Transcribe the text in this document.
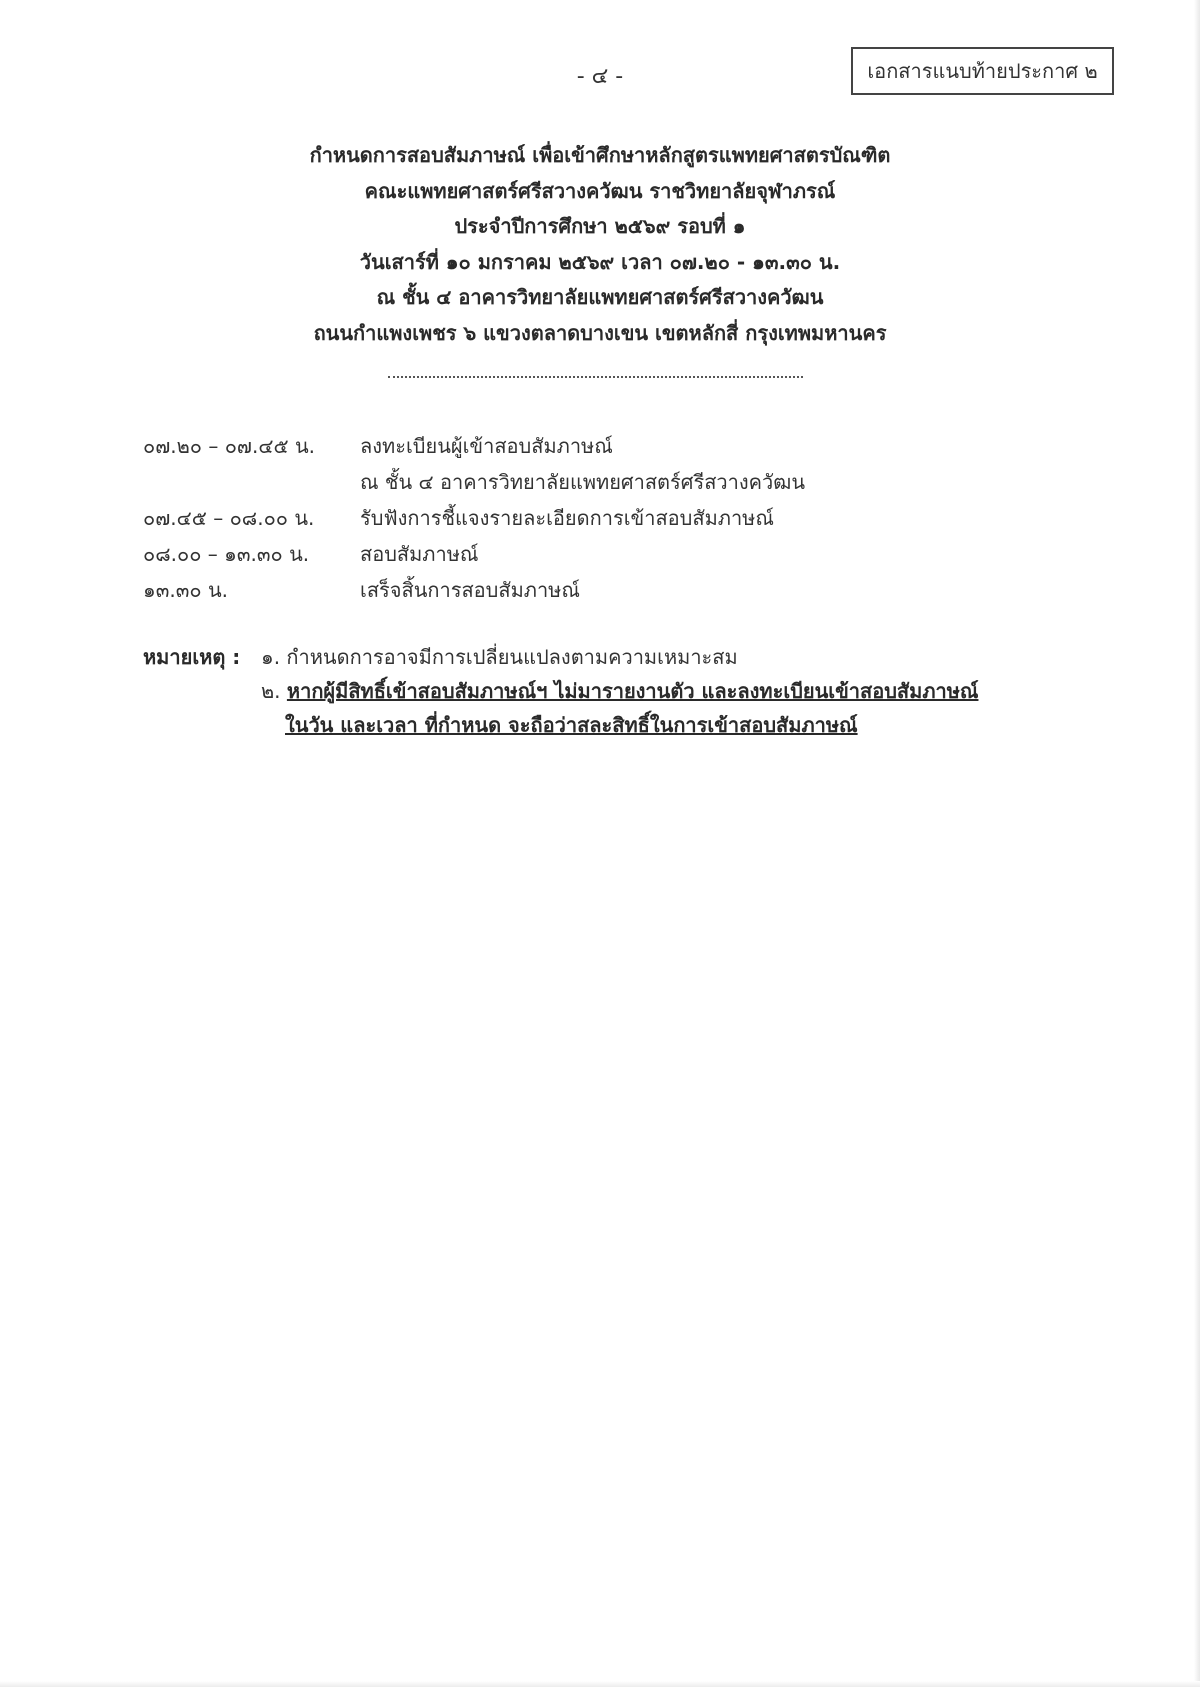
- ๔ -	เอกสารแนบท้ายประกาศ ๒
กำหนดการสอบสัมภาษณ์ เพื่อเข้าศึกษาหลักสูตรแพทยศาสตรบัณฑิต
คณะแพทยศาสตร์ศรีสวางควัฒน ราชวิทยาลัยจุฬาภรณ์
ประจำปีการศึกษา ๒๕๖๙ รอบที่ ๑
วันเสาร์ที่ ๑๐ มกราคม ๒๕๖๙ เวลา ๐๗.๒๐ - ๑๓.๓๐ น.
ณ ชั้น ๔ อาคารวิทยาลัยแพทยศาสตร์ศรีสวางควัฒน
ถนนกำแพงเพชร ๖ แขวงตลาดบางเขน เขตหลักสี่ กรุงเทพมหานคร
๐๗.๒๐ – ๐๗.๔๕ น. ลงทะเบียนผู้เข้าสอบสัมภาษณ์
ณ ชั้น ๔ อาคารวิทยาลัยแพทยศาสตร์ศรีสวางควัฒน
๐๗.๔๕ – ๐๘.๐๐ น. รับฟังการชี้แจงรายละเอียดการเข้าสอบสัมภาษณ์
๐๘.๐๐ – ๑๓.๓๐ น.	สอบสัมภาษณ์
๑๓.๓๐ น.	เสร็จสิ้นการสอบสัมภาษณ์
หมายเหตุ : ๑. กำหนดการอาจมีการเปลี่ยนแปลงตามความเหมาะสม
๒. หากผู้มีสิทธิ์เข้าสอบสัมภาษณ์ฯ ไม่มารายงานตัว และลงทะเบียนเข้าสอบสัมภาษณ์
ในวัน และเวลา ที่กำหนด จะถือว่าสละสิทธิ์ในการเข้าสอบสัมภาษณ์
